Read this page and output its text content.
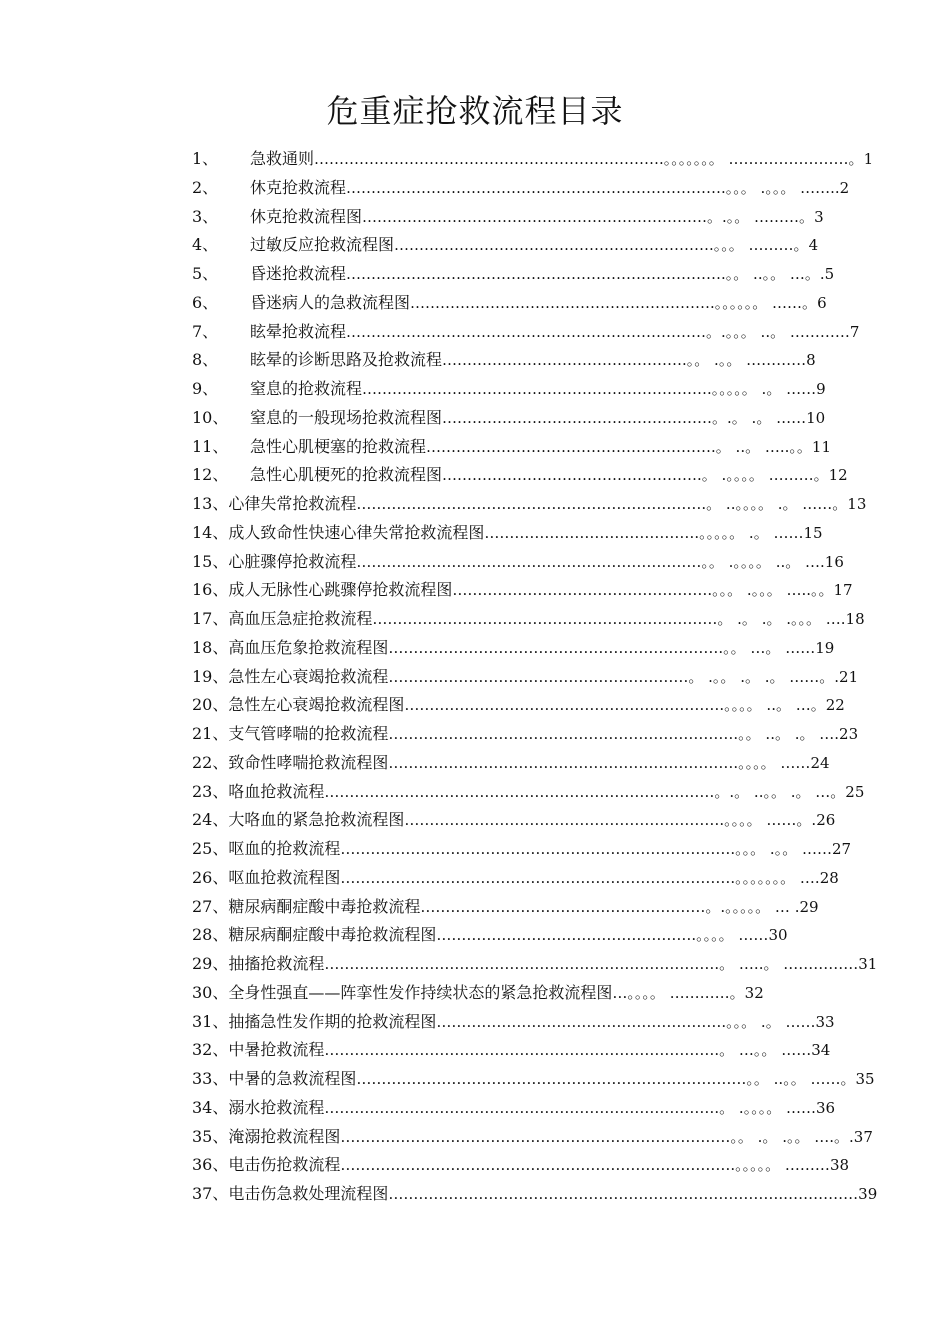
危重症抢救流程目录
1、 急救通则…………………………………………………………….。。。。。。。 ……………………。1
2、 休克抢救流程………………………………………………………………….。。。 .。。。 ……..2
3、 休克抢救流程图……………………………………………………………。.。。 ………。3
4、 过敏反应抢救流程图……………………………………………………….。。。 ………。4
5、 昏迷抢救流程………………………………………………………………….。。 ..。。 …。.5
6、 昏迷病人的急救流程图…………………………………………………….。。。。。。 ……。6
7、 眩晕抢救流程………………………………………………………………。.。。。 ..。 …………7
8、 眩晕的诊断思路及抢救流程………………………………………….。。 .。。 …………8
9、 窒息的抢救流程…………………………………………………………….。。。。。 .。 ……9
10、 窒息的一般现场抢救流程图………………………………………………。.。 .。 ……10
11、 急性心肌梗塞的抢救流程………………………………………………….。 ..。 …..。。11
12、 急性心肌梗死的抢救流程图…………………………………………….。 .。。。。 ………。12
13、心律失常抢救流程…………………………………………………………….。 ..。。。。 .。 ……。13
14、成人致命性快速心律失常抢救流程图…………………………………….。。。。。 .。 ……15
15、心脏骤停抢救流程……………………………………………………………。。 .。。。。 ..。 ….16
16、成人无脉性心跳骤停抢救流程图…………………………………………….。。。 .。。。 …..。。17
17、高血压急症抢救流程……………………………………………………………。 .。 .。 .。。。 ….18
18、高血压危象抢救流程图………………………………………………………….。。 …。 ……19
19、急性左心衰竭抢救流程……………………………………………………。 .。。 .。 .。 ……。.21
20、急性左心衰竭抢救流程图……………………………………………………….。。。。 ..。 …。22
21、支气管哮喘的抢救流程…………………………………………………………….。。 ..。 .。 ….23
22、致命性哮喘抢救流程图…………………………………………………………….。。。。 ……24
23、咯血抢救流程……………………………………………………………………。.。 ..。。 .。 …。25
24、大咯血的紧急抢救流程图……………………………………………………….。。。。 ……。.26
25、呕血的抢救流程…………………………………………………………………….。。。 .。。 ……27
26、呕血抢救流程图…………………………………………………………………….。。。。。。。 ….28
27、糖尿病酮症酸中毒抢救流程…………………………………………………。.。。。。。 … .29
28、糖尿病酮症酸中毒抢救流程图…………………………………………….。。。。 ……30
29、抽搐抢救流程…………………………………………………………………….。 …..。 ……………31
30、全身性强直——阵挛性发作持续状态的紧急抢救流程图…。。。。 …………。32
31、抽搐急性发作期的抢救流程图………………………………………………….。。。 .。 ……33
32、中暑抢救流程…………………………………………………………………….。 …。。 ……34
33、中暑的急救流程图……………………………………………………………………。。 ..。。 ……。35
34、溺水抢救流程…………………………………………………………………….。 .。。。。 ……36
35、淹溺抢救流程图……………………………………………………………………。。 .。 .。。 ….。.37
36、电击伤抢救流程…………………………………………………………………….。。。。。 ………38
37、电击伤急救处理流程图…………………………………………………………………….……………39
